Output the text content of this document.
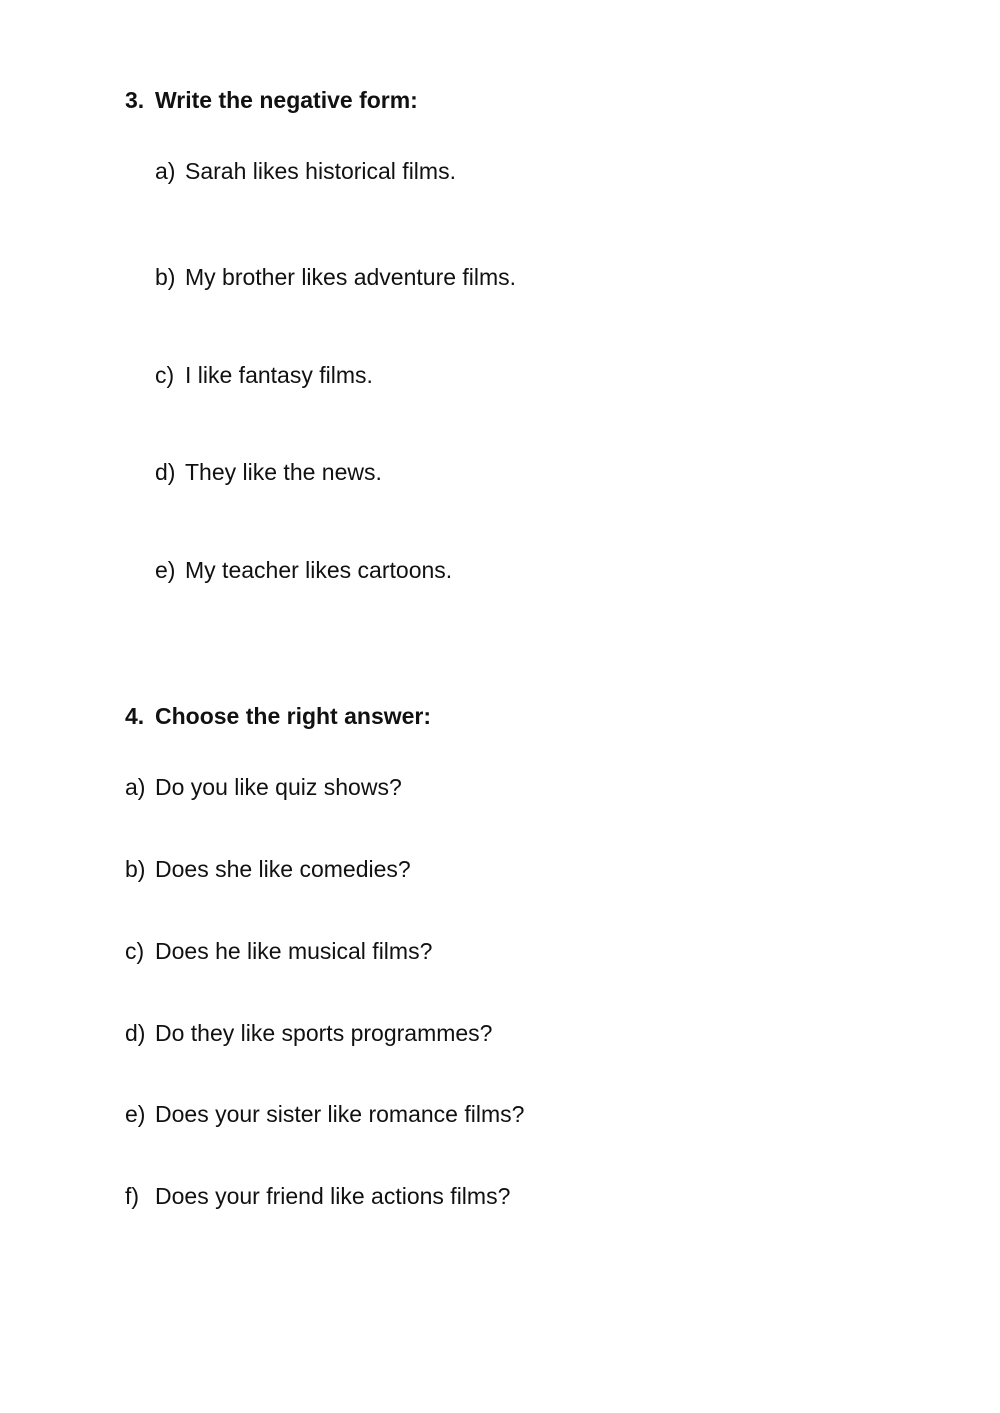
3. Write the negative form:
a) Sarah likes historical films.
b) My brother likes adventure films.
c) I like fantasy films.
d) They like the news.
e) My teacher likes cartoons.
4. Choose the right answer:
a) Do you like quiz shows?
b) Does she like comedies?
c) Does he like musical films?
d) Do they like sports programmes?
e) Does your sister like romance films?
f) Does your friend like actions films?
